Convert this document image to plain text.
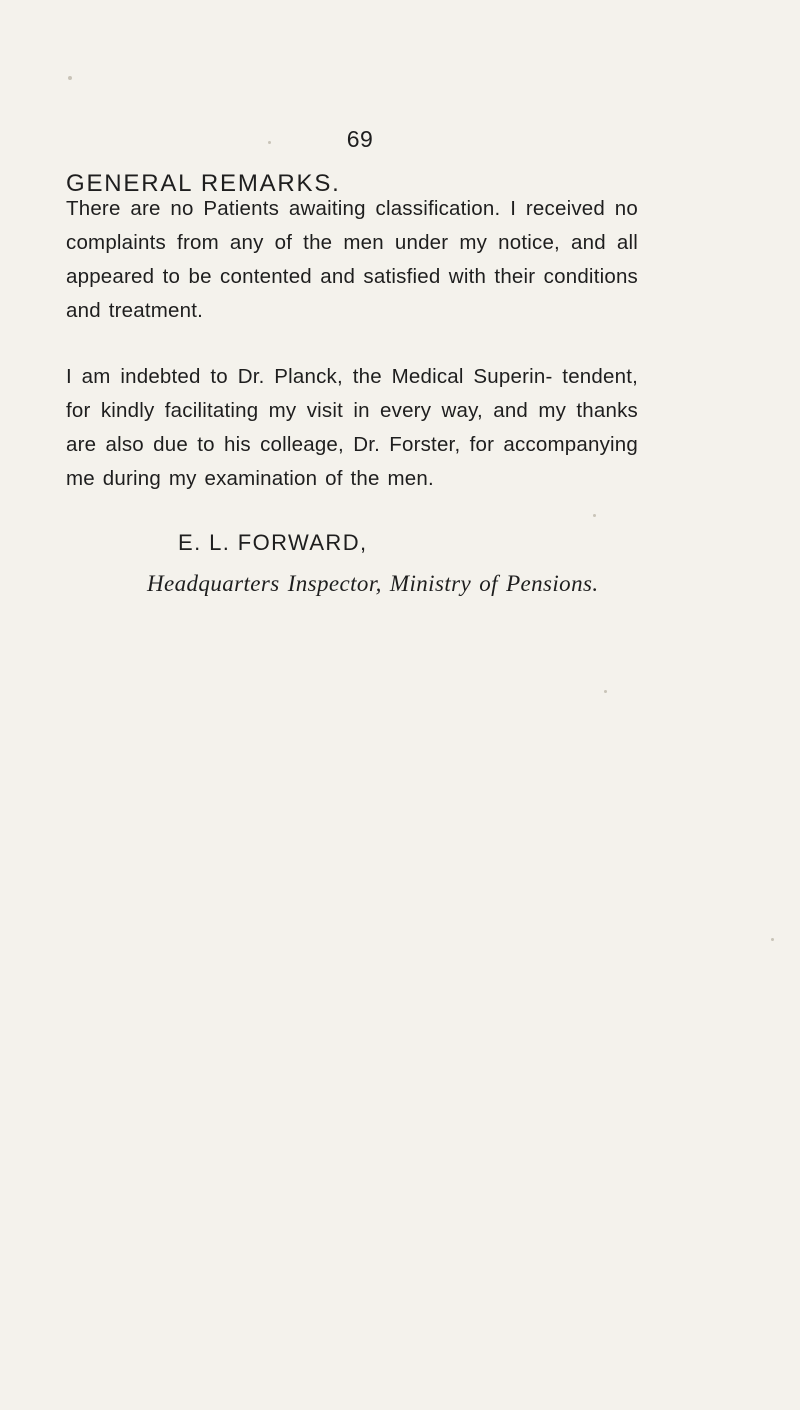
69
GENERAL REMARKS.

There are no Patients awaiting classification. I received no complaints from any of the men under my notice, and all appeared to be contented and satisfied with their conditions and treatment.

I am indebted to Dr. Planck, the Medical Superin- tendent, for kindly facilitating my visit in every way, and my thanks are also due to his colleage, Dr. Forster, for accompanying me during my examination of the men.

E. L. FORWARD,
Headquarters Inspector, Ministry of Pensions.
